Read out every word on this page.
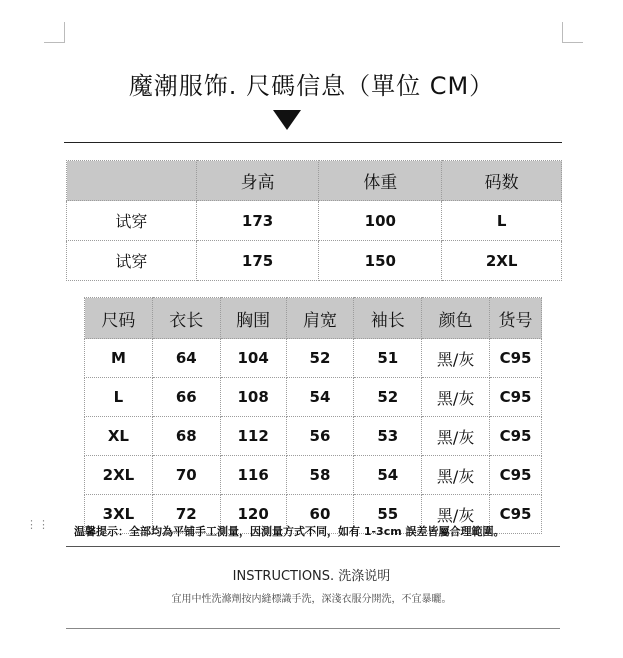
魔潮服饰. 尺碼信息（單位 CM）
	身高	体重	码数
试穿	173	100	L
试穿	175	150	2XL
尺码	衣长	胸围	肩宽	袖长	颜色	货号
M	64	104	52	51	黑/灰	C95
L	66	108	54	52	黑/灰	C95
XL	68	112	56	53	黑/灰	C95
2XL	70	116	58	54	黑/灰	C95
3XL	72	120	60	55	黑/灰	C95
⋮⋮
温馨提示：全部均為平铺手工測量，因測量方式不同，如有 1-3cm 誤差皆屬合理範圍。
INSTRUCTIONS. 洗涤说明
宜用中性洗滌劑按内縫標識手洗，深淺衣服分開洗，不宜暴曬。
